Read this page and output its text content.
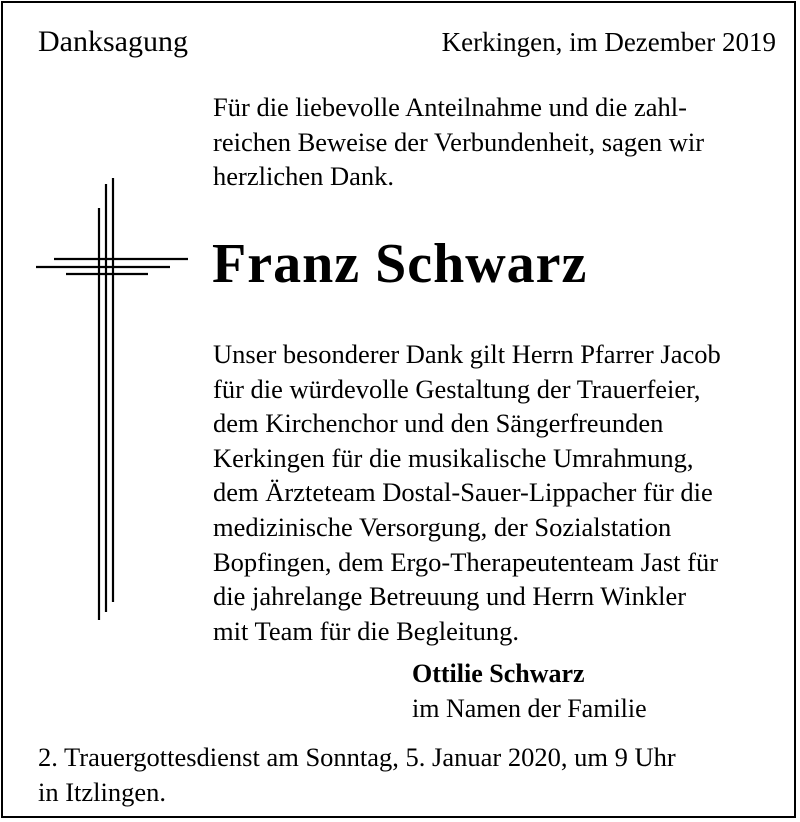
Danksagung	Kerkingen, im Dezember 2019
Für die liebevolle Anteilnahme und die zahl-
reichen Beweise der Verbundenheit, sagen wir
herzlichen Dank.
Franz Schwarz
Unser besonderer Dank gilt Herrn Pfarrer Jacob
für die würdevolle Gestaltung der Trauerfeier,
dem Kirchenchor und den Sängerfreunden
Kerkingen für die musikalische Umrahmung,
dem Ärzteteam Dostal-Sauer-Lippacher für die
medizinische Versorgung, der Sozialstation
Bopfingen, dem Ergo-Therapeutenteam Jast für
die jahrelange Betreuung und Herrn Winkler
mit Team für die Begleitung.
Ottilie Schwarz
im Namen der Familie
2. Trauergottesdienst am Sonntag, 5. Januar 2020, um 9 Uhr
in Itzlingen.
